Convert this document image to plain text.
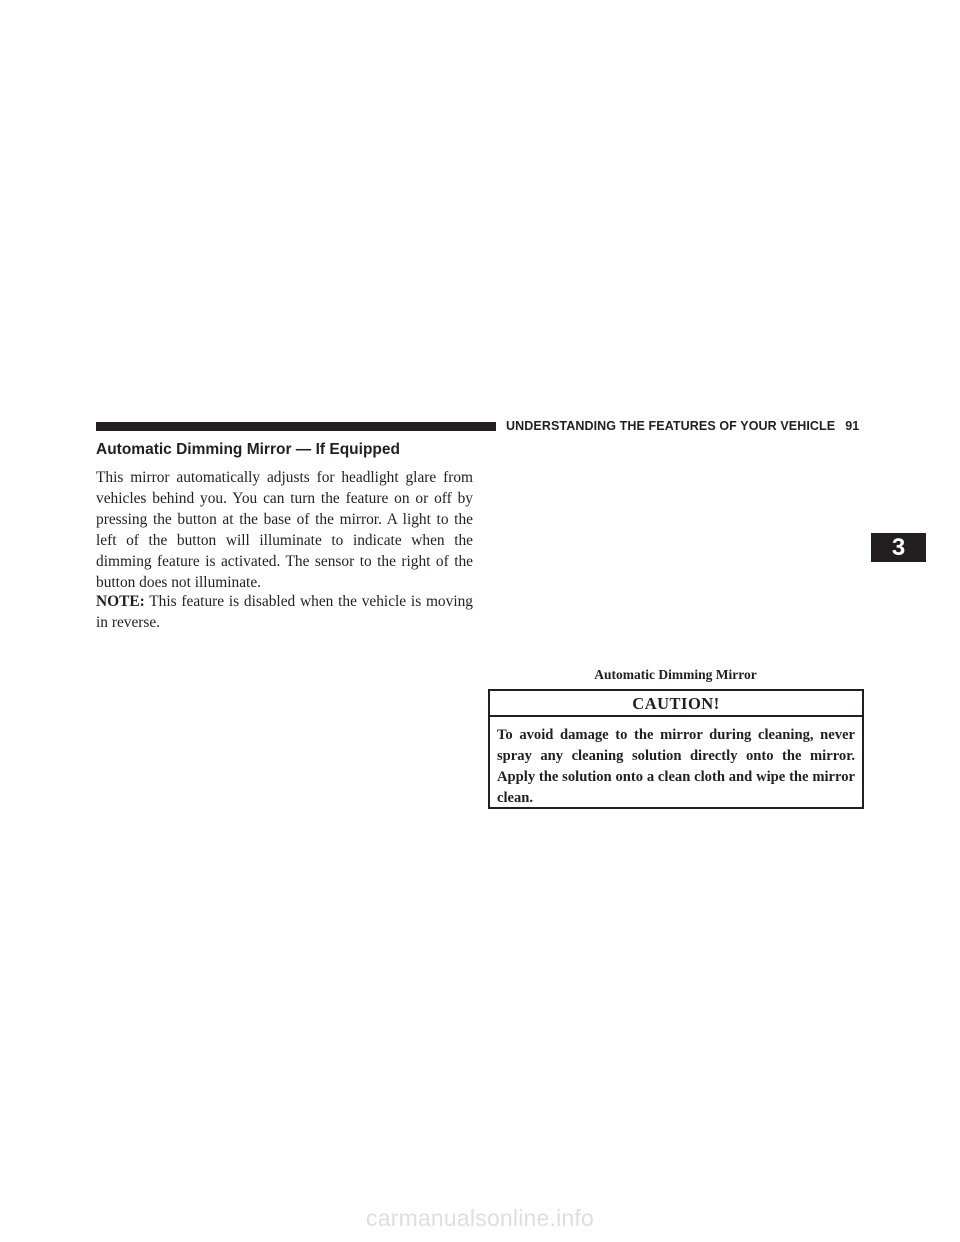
UNDERSTANDING THE FEATURES OF YOUR VEHICLE 91
Automatic Dimming Mirror — If Equipped

This mirror automatically adjusts for headlight glare from vehicles behind you. You can turn the feature on or off by pressing the button at the base of the mirror. A light to the left of the button will illuminate to indicate when the dimming feature is activated. The sensor to the right of the button does not illuminate.

NOTE: This feature is disabled when the vehicle is moving in reverse.

3
Automatic Dimming Mirror
CAUTION!
To avoid damage to the mirror during cleaning, never spray any cleaning solution directly onto the mirror. Apply the solution onto a clean cloth and wipe the mirror clean.
carmanualsonline.info
